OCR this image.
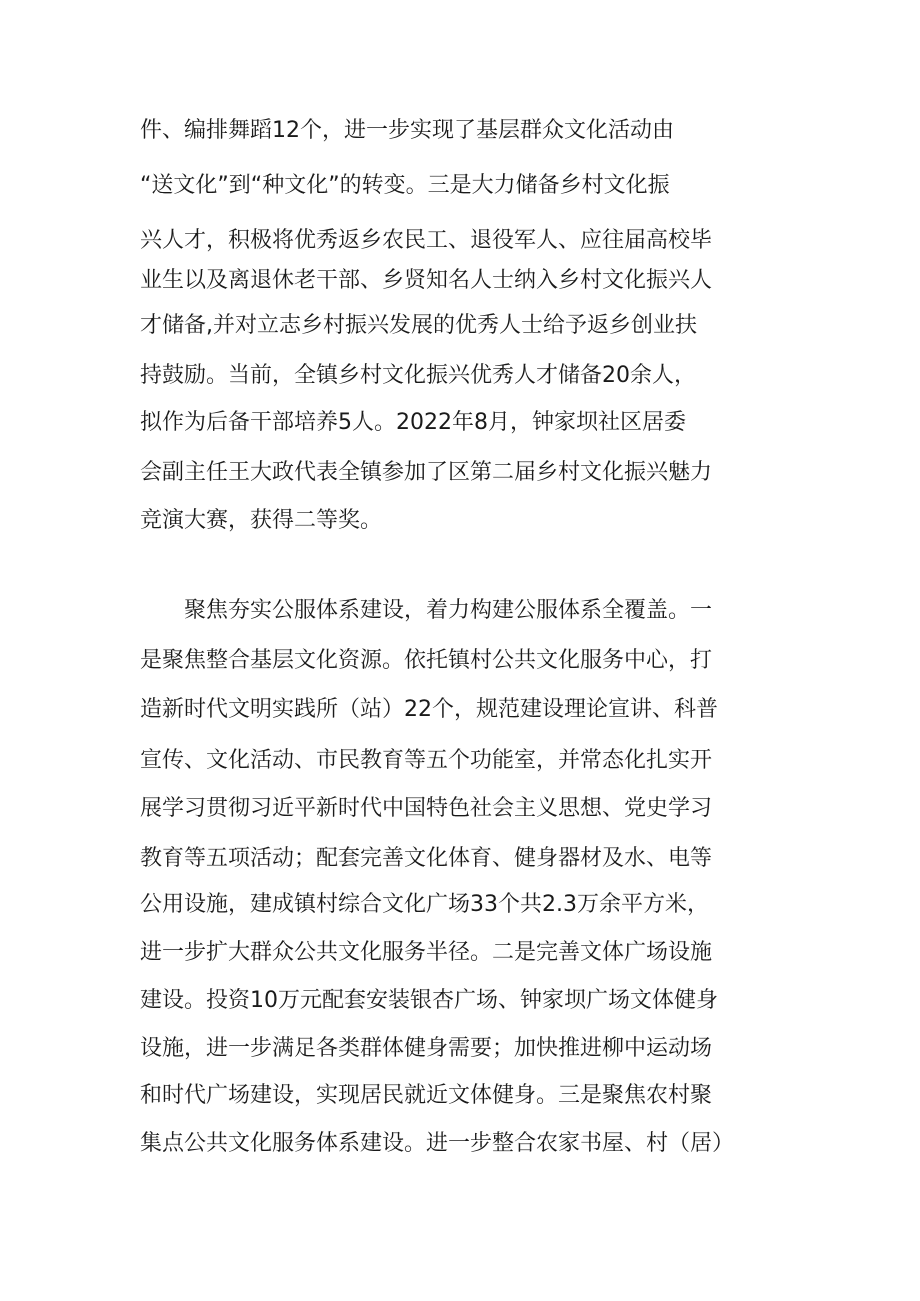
件、编排舞蹈12个，进一步实现了基层群众文化活动由

“送文化”到“种文化”的转变。三是大力储备乡村文化振

兴人才，积极将优秀返乡农民工、退役军人、应往届高校毕

业生以及离退休老干部、乡贤知名人士纳入乡村文化振兴人

才储备,并对立志乡村振兴发展的优秀人士给予返乡创业扶

持鼓励。当前，全镇乡村文化振兴优秀人才储备20余人，

拟作为后备干部培养5人。2022年8月，钟家坝社区居委

会副主任王大政代表全镇参加了区第二届乡村文化振兴魅力

竞演大赛，获得二等奖。

聚焦夯实公服体系建设，着力构建公服体系全覆盖。一

是聚焦整合基层文化资源。依托镇村公共文化服务中心，打

造新时代文明实践所（站）22个，规范建设理论宣讲、科普

宣传、文化活动、市民教育等五个功能室，并常态化扎实开

展学习贯彻习近平新时代中国特色社会主义思想、党史学习

教育等五项活动；配套完善文化体育、健身器材及水、电等

公用设施，建成镇村综合文化广场33个共2.3万余平方米，

进一步扩大群众公共文化服务半径。二是完善文体广场设施

建设。投资10万元配套安装银杏广场、钟家坝广场文体健身

设施，进一步满足各类群体健身需要；加快推进柳中运动场

和时代广场建设，实现居民就近文体健身。三是聚焦农村聚

集点公共文化服务体系建设。进一步整合农家书屋、村（居）
